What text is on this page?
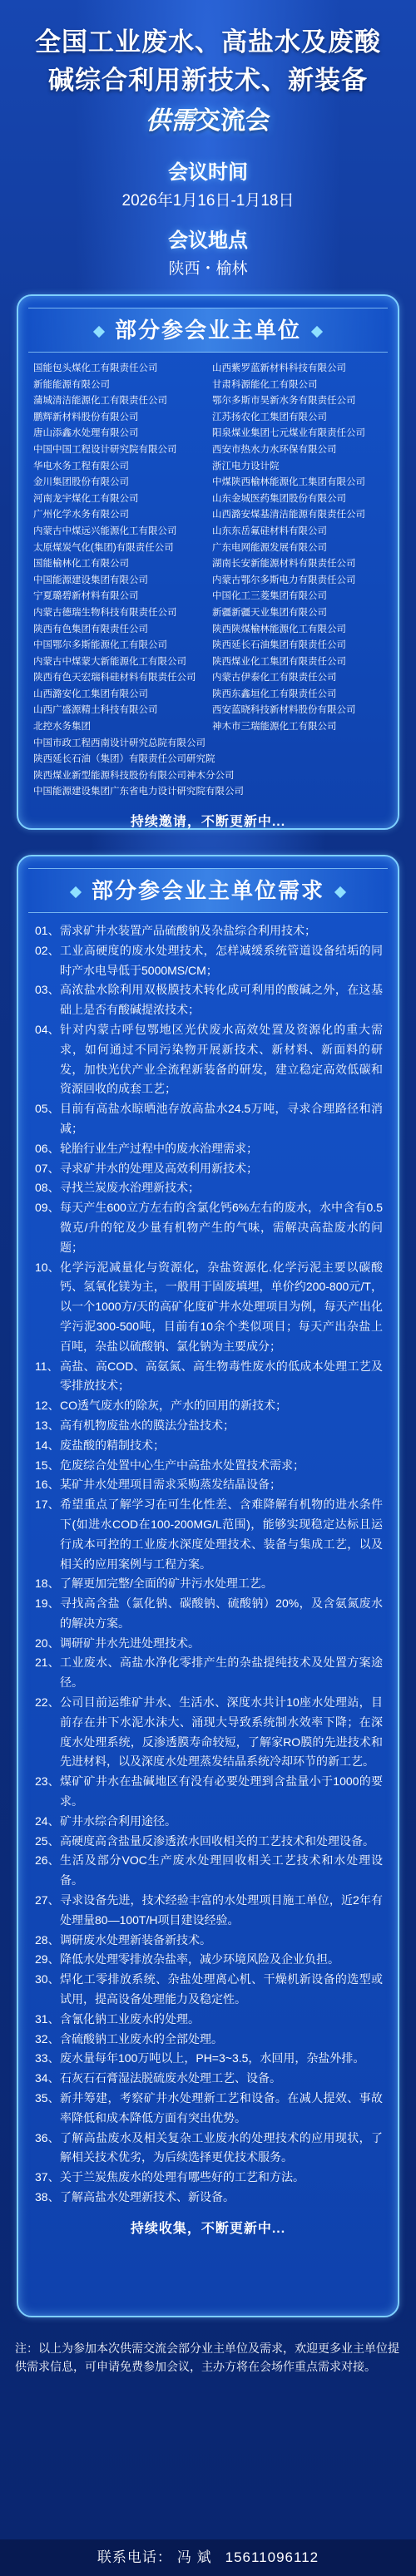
全国工业废水、高盐水及废酸
碱综合利用新技术、新装备
供需交流会
会议时间
2026年1月16日-1月18日
会议地点
陕西・榆林
部分参会业主单位
国能包头煤化工有限责任公司	山西紫罗蓝新材料科技有限公司
新能能源有限公司	甘肃科源能化工有限公司
蒲城清洁能源化工有限责任公司	鄂尔多斯市昊新水务有限责任公司
鹏辉新材料股份有限公司	江苏扬农化工集团有限公司
唐山添鑫水处理有限公司	阳泉煤业集团七元煤业有限责任公司
中国中国工程设计研究院有限公司	西安市热水力水环保有限公司
华电水务工程有限公司	浙江电力设计院
金川集团股份有限公司	中煤陕西榆林能源化工集团有限公司
河南龙宇煤化工有限公司	山东金城医药集团股份有限公司
广州化学水务有限公司	山西潞安煤基清洁能源有限责任公司
内蒙古中煤远兴能源化工有限公司	山东东岳氟硅材料有限公司
太原煤炭气化(集团)有限责任公司	广东电网能源发展有限公司
国能榆林化工有限公司	湖南长安新能源材料有限责任公司
中国能源建设集团有限公司	内蒙古鄂尔多斯电力有限责任公司
宁夏璐碧新材料有限公司	中国化工三菱集团有限公司
内蒙古德瑞生物科技有限责任公司	新疆新疆天业集团有限公司
陕西有色集团有限责任公司	陕西陕煤榆林能源化工有限公司
中国鄂尔多斯能源化工有限公司	陕西延长石油集团有限责任公司
内蒙古中煤蒙大新能源化工有限公司	陕西煤业化工集团有限责任公司
陕西有色天宏瑞科硅材料有限责任公司	内蒙古伊泰化工有限责任公司
山西潞安化工集团有限公司	陕西东鑫垣化工有限责任公司
山西广盛源精土科技有限公司	西安蓝晓科技新材料股份有限公司
北控水务集团	神木市三瑞能源化工有限公司
中国市政工程西南设计研究总院有限公司
陕西延长石油（集团）有限责任公司研究院
陕西煤业新型能源科技股份有限公司神木分公司
中国能源建设集团广东省电力设计研究院有限公司
持续邀请，不断更新中...
部分参会业主单位需求
01、 需求矿井水装置产品硫酸钠及杂盐综合利用技术；
02、 工业高硬度的废水处理技术，怎样减缓系统管道设备结垢的同时产水电导低于5000MS/CM；
03、 高浓盐水除利用双极膜技术转化成可利用的酸碱之外，在这基础上是否有酸碱提浓技术；
04、 针对内蒙古呼包鄂地区光伏废水高效处置及资源化的重大需求，如何通过不同污染物开展新技术、新材料、新面料的研发，加快光伏产业全流程新装备的研发，建立稳定高效低碳和资源回收的成套工艺；
05、 目前有高盐水晾晒池存放高盐水24.5万吨，寻求合理路径和消减；
06、 轮胎行业生产过程中的废水治理需求；
07、 寻求矿井水的处理及高效利用新技术；
08、 寻找兰炭废水治理新技术；
09、 每天产生600立方左右的含氯化钙6%左右的废水，水中含有0.5微克/升的铊及少量有机物产生的气味，需解决高盐废水的问题；
10、 化学污泥减量化与资源化，杂盐资源化.化学污泥主要以碳酸钙、氢氧化镁为主，一般用于固废填埋，单价约200-800元/T，以一个1000方/天的高矿化度矿井水处理项目为例，每天产出化学污泥300-500吨，目前有10余个类似项目；每天产出杂盐上百吨，杂盐以硫酸钠、氯化钠为主要成分；
11、 高盐、高COD、高氨氮、高生物毒性废水的低成本处理工艺及零排放技术；
12、 CO透气废水的除灰，产水的回用的新技术；
13、 高有机物废盐水的膜法分盐技术；
14、 废盐酸的精制技术；
15、 危废综合处置中心生产中高盐水处置技术需求；
16、 某矿井水处理项目需求采购蒸发结晶设备；
17、 希望重点了解学习在可生化性差、含难降解有机物的进水条件下(如进水COD在100-200MG/L范围)，能够实现稳定达标且运行成本可控的工业废水深度处理技术、装备与集成工艺，以及相关的应用案例与工程方案。
18、 了解更加完整/全面的矿井污水处理工艺。
19、 寻找高含盐（氯化钠、碳酸钠、硫酸钠）20%，及含氨氮废水的解决方案。
20、 调研矿井水先进处理技术。
21、 工业废水、高盐水净化零排产生的杂盐提纯技术及处置方案途径。
22、 公司目前运维矿井水、生活水、深度水共计10座水处理站，目前存在井下水泥水沫大、涌现大导致系统制水效率下降；在深度水处理系统，反渗透膜寿命较短，了解家RO膜的先进技术和先进材料，以及深度水处理蒸发结晶系统冷却环节的新工艺。
23、 煤矿矿井水在盐碱地区有没有必要处理到含盐量小于1000的要求。
24、 矿井水综合利用途径。
25、 高硬度高含盐量反渗透浓水回收相关的工艺技术和处理设备。
26、 生活及部分VOC生产废水处理回收相关工艺技术和水处理设备。
27、 寻求设备先进，技术经验丰富的水处理项目施工单位，近2年有处理量80—100T/H项目建设经验。
28、 调研废水处理新装备新技术。
29、 降低水处理零排放杂盐率，减少环境风险及企业负担。
30、 焊化工零排放系统、杂盐处理离心机、干燥机新设备的选型或试用，提高设备处理能力及稳定性。
31、 含氰化钠工业废水的处理。
32、 含硫酸钠工业废水的全部处理。
33、 废水量每年100万吨以上，PH=3~3.5，水回用，杂盐外排。
34、 石灰石石膏湿法脱硫废水处理工艺、设备。
35、 新井筹建，考察矿井水处理新工艺和设备。在减人提效、事故率降低和成本降低方面有突出优势。
36、 了解高盐废水及相关复杂工业废水的处理技术的应用现状，了解相关技术优劣，为后续选择更优技术服务。
37、 关于兰炭焦废水的处理有哪些好的工艺和方法。
38、 了解高盐水处理新技术、新设备。
持续收集，不断更新中...
注：以上为参加本次供需交流会部分业主单位及需求，欢迎更多业主单位提供需求信息，可申请免费参加会议，主办方将在会场作重点需求对接。
联系电话： 冯 斌 15611096112
